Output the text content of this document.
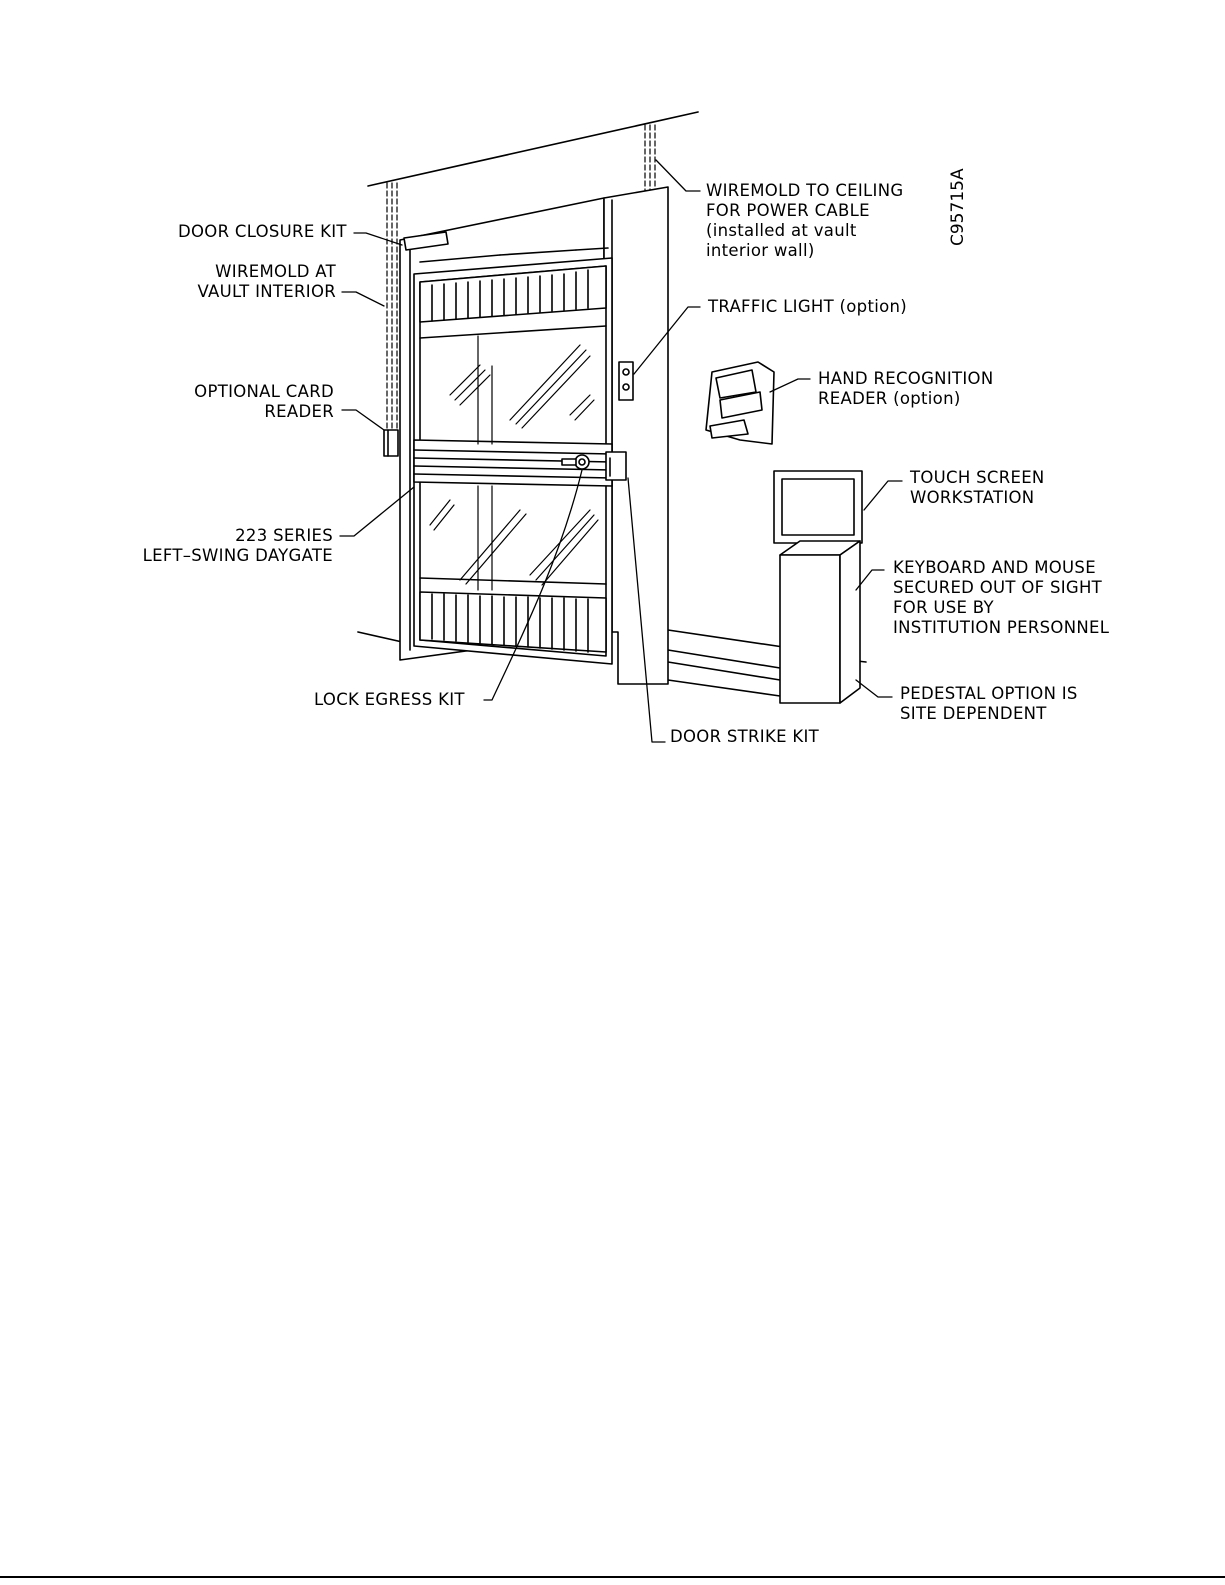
DOOR CLOSURE KIT
WIREMOLD AT
VAULT INTERIOR
OPTIONAL CARD
READER
223 SERIES
LEFT–SWING DAYGATE
LOCK EGRESS KIT
DOOR STRIKE KIT
WIREMOLD TO CEILING
FOR POWER CABLE
(installed at vault
interior wall)
TRAFFIC LIGHT (option)
HAND RECOGNITION
READER (option)
TOUCH SCREEN
WORKSTATION
KEYBOARD AND MOUSE
SECURED OUT OF SIGHT
FOR USE BY
INSTITUTION PERSONNEL
PEDESTAL OPTION IS
SITE DEPENDENT
C95715A
